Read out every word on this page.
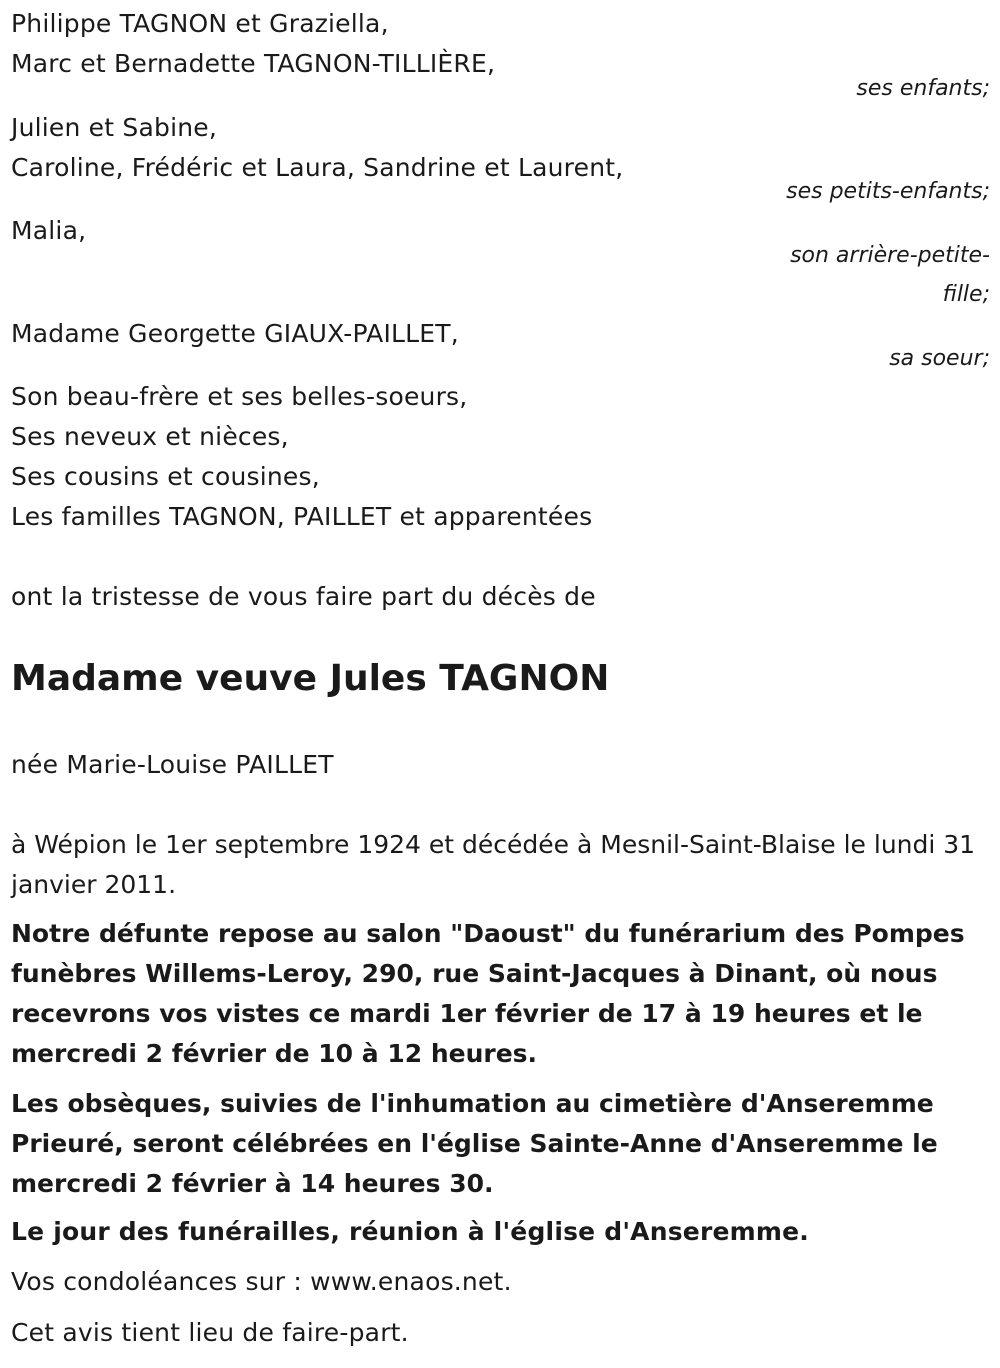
Philippe TAGNON et Graziella,
Marc et Bernadette TAGNON-TILLIÈRE,
ses enfants;
Julien et Sabine,
Caroline, Frédéric et Laura, Sandrine et Laurent,
ses petits-enfants;
Malia,
son arrière-petite-
fille;
Madame Georgette GIAUX-PAILLET,
sa soeur;
Son beau-frère et ses belles-soeurs,
Ses neveux et nièces,
Ses cousins et cousines,
Les familles TAGNON, PAILLET et apparentées
ont la tristesse de vous faire part du décès de
Madame veuve Jules TAGNON
née Marie-Louise PAILLET
à Wépion le 1er septembre 1924 et décédée à Mesnil-Saint-Blaise le lundi 31 janvier 2011.
Notre défunte repose au salon "Daoust" du funérarium des Pompes funèbres Willems-Leroy, 290, rue Saint-Jacques à Dinant, où nous recevrons vos vistes ce mardi 1er février de 17 à 19 heures et le mercredi 2 février de 10 à 12 heures.
Les obsèques, suivies de l'inhumation au cimetière d'Anseremme Prieuré, seront célébrées en l'église Sainte-Anne d'Anseremme le mercredi 2 février à 14 heures 30.
Le jour des funérailles, réunion à l'église d'Anseremme.
Vos condoléances sur : www.enaos.net.
Cet avis tient lieu de faire-part.
